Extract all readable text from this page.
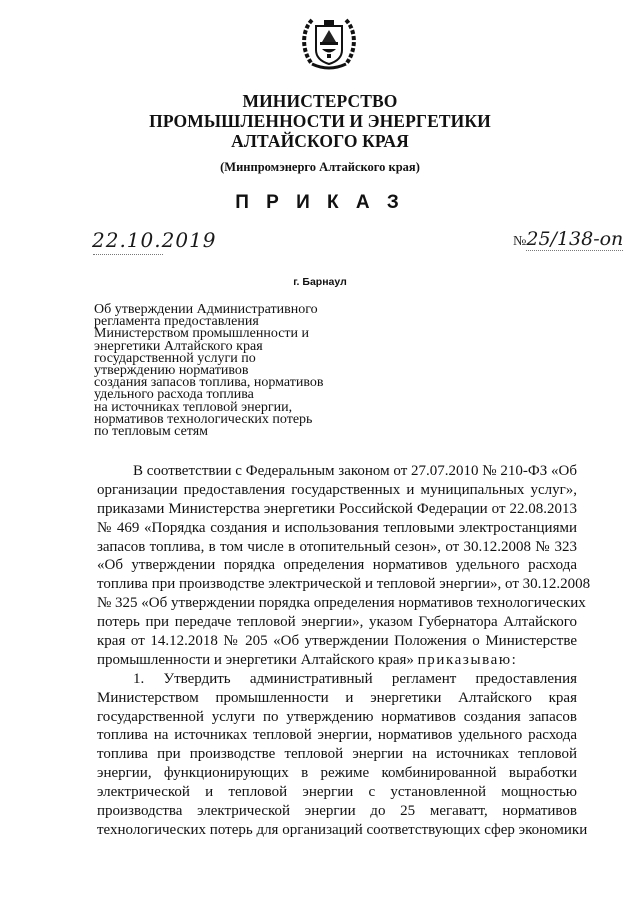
МИНИСТЕРСТВО
ПРОМЫШЛЕННОСТИ И ЭНЕРГЕТИКИ
АЛТАЙСКОГО КРАЯ
(Минпромэнерго Алтайского края)
П Р И К А З
22.10.2019	№25/138-оп
г. Барнаул
Об утверждении Административного
регламента предоставления
Министерством промышленности и
энергетики Алтайского края
государственной услуги по
утверждению нормативов
создания запасов топлива, нормативов
удельного расхода топлива
на источниках тепловой энергии,
нормативов технологических потерь
по тепловым сетям
В соответствии с Федеральным законом от 27.07.2010 № 210-ФЗ «Об
организации предоставления государственных и муниципальных услуг»,
приказами Министерства энергетики Российской Федерации от 22.08.2013
№ 469 «Порядка создания и использования тепловыми электростанциями
запасов топлива, в том числе в отопительный сезон», от 30.12.2008 № 323
«Об утверждении порядка определения нормативов удельного расхода
топлива при производстве электрической и тепловой энергии», от 30.12.2008
№ 325 «Об утверждении порядка определения нормативов технологических
потерь при передаче тепловой энергии», указом Губернатора Алтайского
края от 14.12.2018 № 205 «Об утверждении Положения о Министерстве
промышленности и энергетики Алтайского края» приказываю:
1. Утвердить административный регламент предоставления
Министерством промышленности и энергетики Алтайского края
государственной услуги по утверждению нормативов создания запасов
топлива на источниках тепловой энергии, нормативов удельного расхода
топлива при производстве тепловой энергии на источниках тепловой
энергии, функционирующих в режиме комбинированной выработки
электрической и тепловой энергии с установленной мощностью
производства электрической энергии до 25 мегаватт, нормативов
технологических потерь для организаций соответствующих сфер экономики
